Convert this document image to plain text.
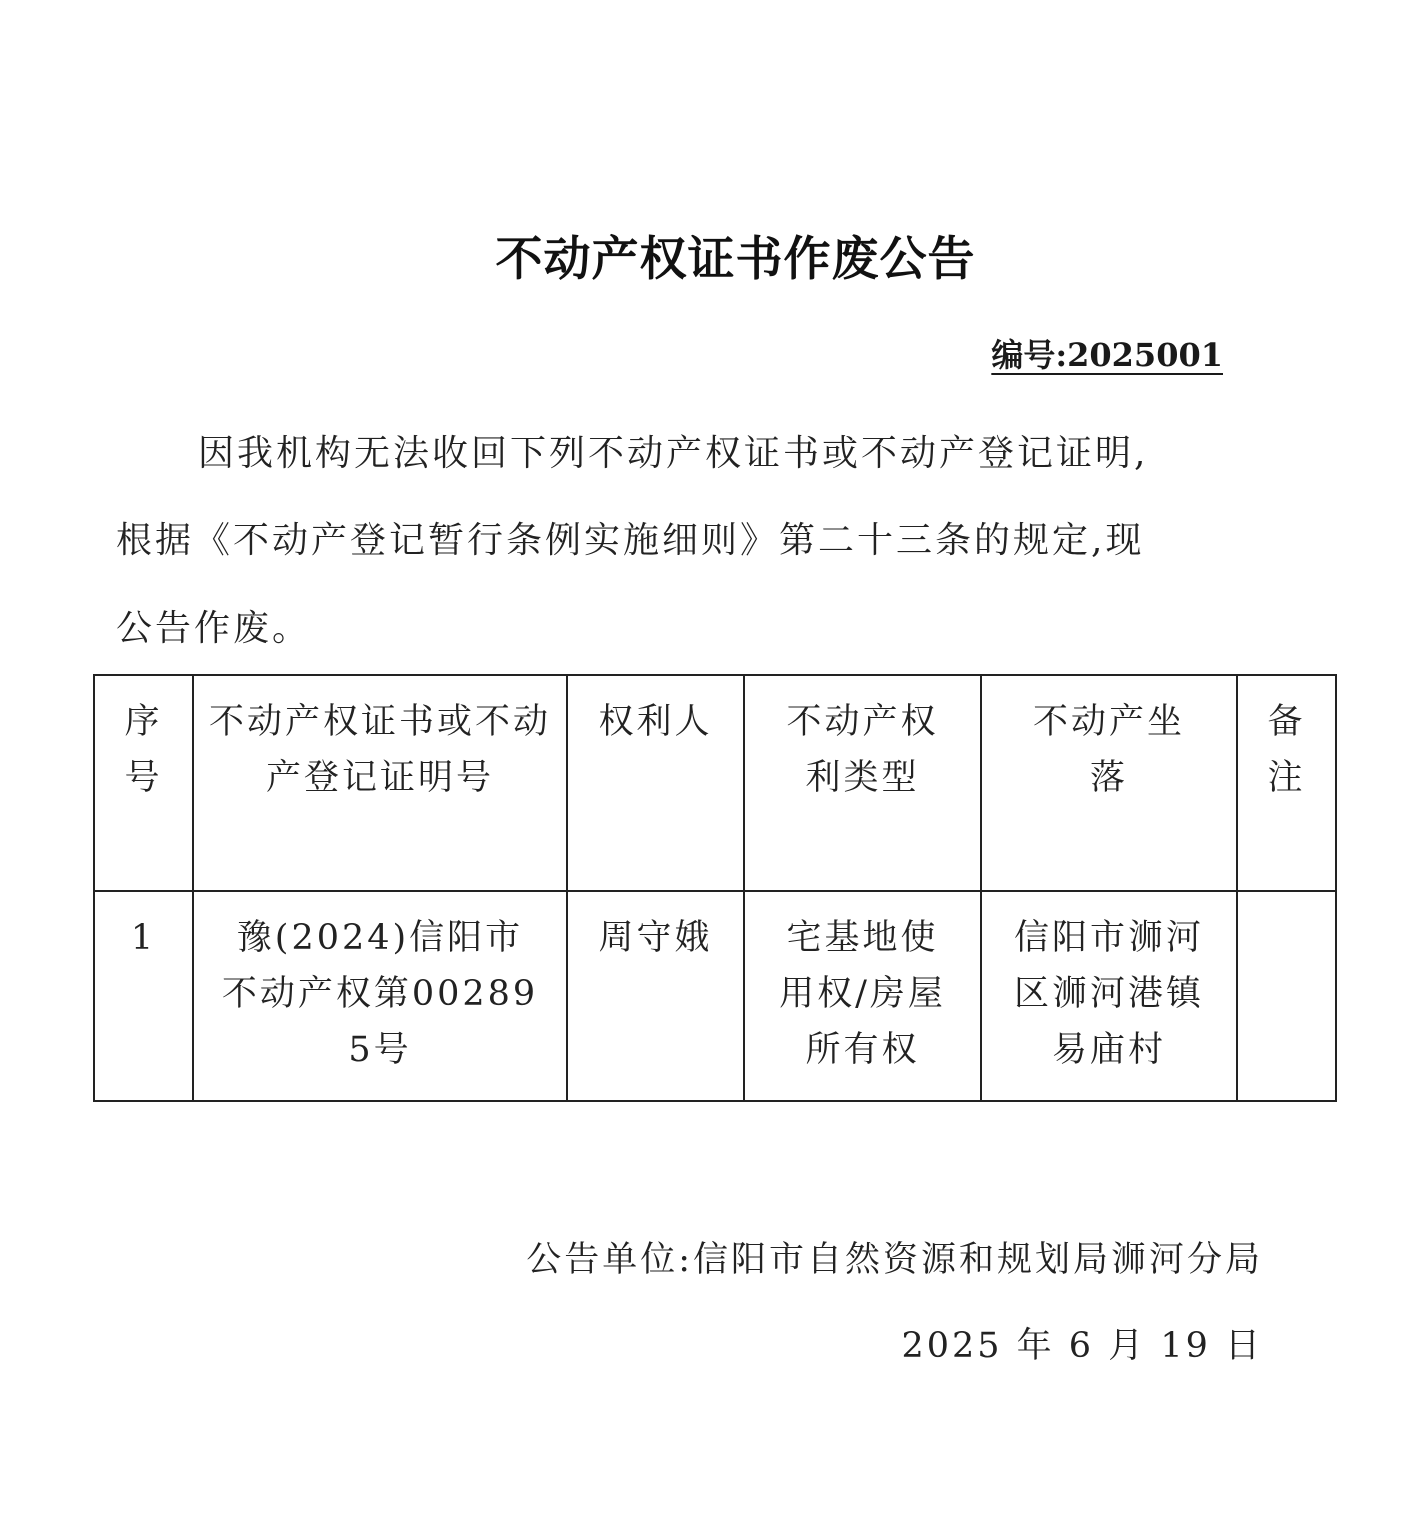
不动产权证书作废公告
编号:2025001
因我机构无法收回下列不动产权证书或不动产登记证明,
根据《不动产登记暂行条例实施细则》第二十三条的规定,现
公告作废。
序号	不动产权证书或不动产登记证明号	权利人	不动产权利类型	不动产坐落	备注
1	豫(2024)信阳市不动产权第002895号	周守娥	宅基地使用权/房屋所有权	信阳市浉河区浉河港镇易庙村	
公告单位:信阳市自然资源和规划局浉河分局
2025 年 6 月 19 日
